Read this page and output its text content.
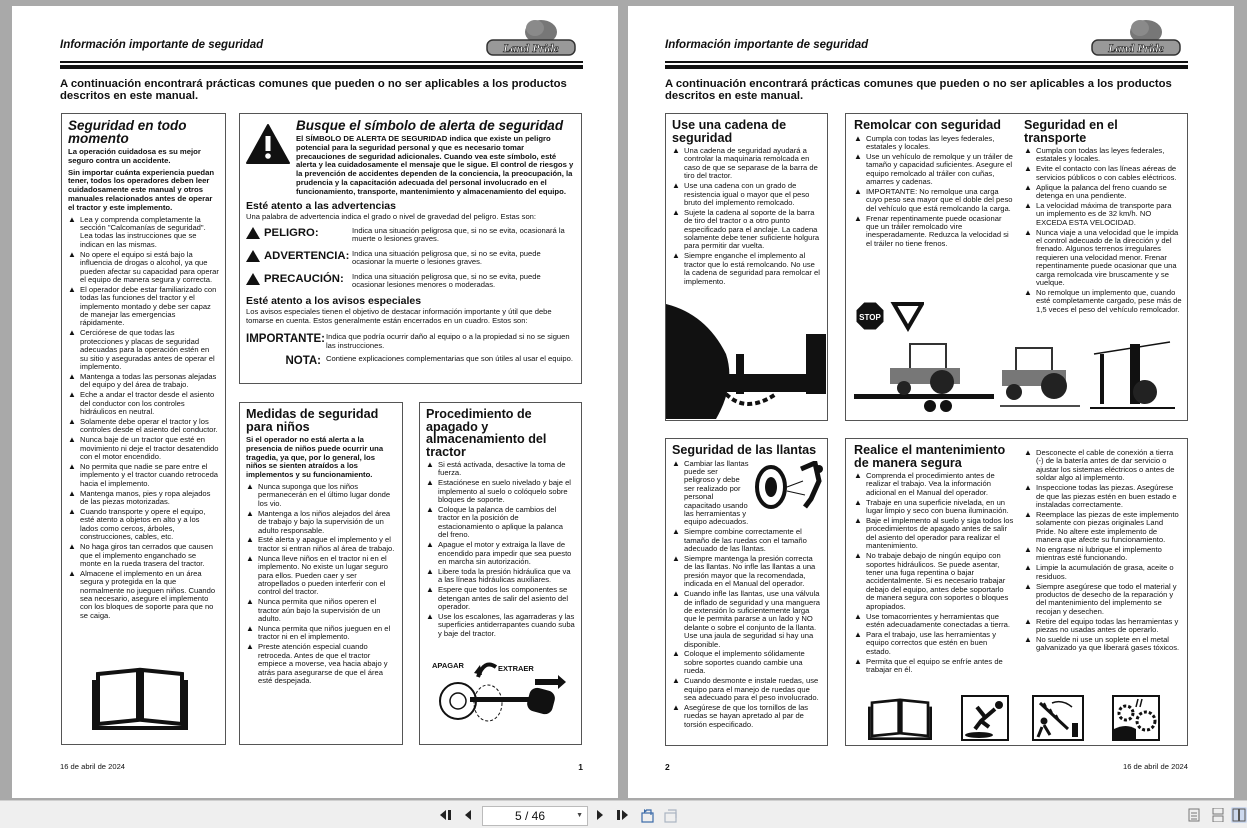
Información importante de seguridad	Land Pride
A continuación encontrará prácticas comunes que pueden o no ser aplicables a los productos descritos en este manual.
Seguridad en todo momento

La operación cuidadosa es su mejor seguro contra un accidente.

Sin importar cuánta experiencia puedan tener, todos los operadores deben leer cuidadosamente este manual y otros manuales relacionados antes de operar el tractor y este implemento.

▲ Lea y comprenda completamente la sección "Calcomanías de seguridad". Lea todas las instrucciones que se indican en las mismas.
▲ No opere el equipo si está bajo la influencia de drogas o alcohol, ya que pueden afectar su capacidad para operar el equipo de manera segura y correcta.
▲ El operador debe estar familiarizado con todas las funciones del tractor y el implemento montado y debe ser capaz de manejar las emergencias rápidamente.
▲ Cerciórese de que todas las protecciones y placas de seguridad adecuadas para la operación estén en su sitio y aseguradas antes de operar el implemento.
▲ Mantenga a todas las personas alejadas del equipo y del área de trabajo.
▲ Eche a andar el tractor desde el asiento del conductor con los controles hidráulicos en neutral.
▲ Solamente debe operar el tractor y los controles desde el asiento del conductor.
▲ Nunca baje de un tractor que esté en movimiento ni deje el tractor desatendido con el motor encendido.
▲ No permita que nadie se pare entre el implemento y el tractor cuando retroceda hacia el implemento.
▲ Mantenga manos, pies y ropa alejados de las piezas motorizadas.
▲ Cuando transporte y opere el equipo, esté atento a objetos en alto y a los lados como cercos, árboles, construcciones, cables, etc.
▲ No haga giros tan cerrados que causen que el implemento enganchado se monte en la rueda trasera del tractor.
▲ Almacene el implemento en un área segura y protegida en la que normalmente no jueguen niños. Cuando sea necesario, asegure el implemento con los bloques de soporte para que no se caiga.
Busque el símbolo de alerta de seguridad

El SÍMBOLO DE ALERTA DE SEGURIDAD indica que existe un peligro potencial para la seguridad personal y que es necesario tomar precauciones de seguridad adicionales. Cuando vea este símbolo, esté alerta y lea cuidadosamente el mensaje que le sigue. El control de riesgos y la prevención de accidentes dependen de la conciencia, la preocupación, la prudencia y la capacitación adecuada del personal involucrado en el funcionamiento, transporte, mantenimiento y almacenamiento del equipo.

Esté atento a las advertencias
Una palabra de advertencia indica el grado o nivel de gravedad del peligro. Estas son:
PELIGRO:	Indica una situación peligrosa que, si no se evita, ocasionará la muerte o lesiones graves.
ADVERTENCIA: Indica una situación peligrosa que, si no se evita, puede ocasionar la muerte o lesiones graves.
PRECAUCIÓN: Indica una situación peligrosa que, si no se evita, puede ocasionar lesiones menores o moderadas.
Esté atento a los avisos especiales
Los avisos especiales tienen el objetivo de destacar información importante y útil que debe tomarse en cuenta. Estos generalmente están encerrados en un cuadro. Estos son:
IMPORTANTE: Indica que podría ocurrir daño al equipo o a la propiedad si no se siguen las instrucciones.
NOTA: Contiene explicaciones complementarias que son útiles al usar el equipo.
Medidas de seguridad para niños

Si el operador no está alerta a la presencia de niños puede ocurrir una tragedia, ya que, por lo general, los niños se sienten atraídos a los implementos y su funcionamiento.

▲ Nunca suponga que los niños permanecerán en el último lugar donde los vio.
▲ Mantenga a los niños alejados del área de trabajo y bajo la supervisión de un adulto responsable.
▲ Esté alerta y apague el implemento y el tractor si entran niños al área de trabajo.
▲ Nunca lleve niños en el tractor ni en el implemento. No existe un lugar seguro para ellos. Pueden caer y ser atropellados o pueden interferir con el control del tractor.
▲ Nunca permita que niños operen el tractor aún bajo la supervisión de un adulto.
▲ Nunca permita que niños jueguen en el tractor ni en el implemento.
▲ Preste atención especial cuando retroceda. Antes de que el tractor empiece a moverse, vea hacia abajo y atrás para asegurarse de que el área esté despejada.
Procedimiento de apagado y almacenamiento del tractor
▲ Si está activada, desactive la toma de fuerza.
▲ Estaciónese en suelo nivelado y baje el implemento al suelo o colóquelo sobre bloques de soporte.
▲ Coloque la palanca de cambios del tractor en la posición de estacionamiento o aplique la palanca del freno.
▲ Apague el motor y extraiga la llave de encendido para impedir que sea puesto en marcha sin autorización.
▲ Libere toda la presión hidráulica que va a las líneas hidráulicas auxiliares.
▲ Espere que todos los componentes se detengan antes de salir del asiento del operador.
▲ Use los escalones, las agarraderas y las superficies antiderrapantes cuando suba y baje del tractor.
APAGAR	EXTRAER
16 de abril de 2024	1
Información importante de seguridad	Land Pride
A continuación encontrará prácticas comunes que pueden o no ser aplicables a los productos descritos en este manual.
Use una cadena de seguridad
▲ Una cadena de seguridad ayudará a controlar la maquinaria remolcada en caso de que se separase de la barra de tiro del tractor.
▲ Use una cadena con un grado de resistencia igual o mayor que el peso bruto del implemento remolcado.
▲ Sujete la cadena al soporte de la barra de tiro del tractor o a otro punto especificado para el anclaje. La cadena solamente debe tener suficiente holgura para permitir dar vuelta.
▲ Siempre enganche el implemento al tractor que lo está remolcando. No use la cadena de seguridad para remolcar el implemento.
Remolcar con seguridad
▲ Cumpla con todas las leyes federales, estatales y locales.
▲ Use un vehículo de remolque y un tráiler de tamaño y capacidad suficientes. Asegure el equipo remolcado al tráiler con cuñas, amarres y cadenas.
▲ IMPORTANTE: No remolque una carga cuyo peso sea mayor que el doble del peso del vehículo que está remolcando la carga.
▲ Frenar repentinamente puede ocasionar que un tráiler remolcado vire inesperadamente. Reduzca la velocidad si el tráiler no tiene frenos.
Seguridad en el transporte
▲ Cumpla con todas las leyes federales, estatales y locales.
▲ Evite el contacto con las líneas aéreas de servicios públicos o con cables eléctricos.
▲ Aplique la palanca del freno cuando se detenga en una pendiente.
▲ La velocidad máxima de transporte para un implemento es de 32 km/h. NO EXCEDA ESTA VELOCIDAD.
▲ Nunca viaje a una velocidad que le impida el control adecuado de la dirección y del frenado. Algunos terrenos irregulares requieren una velocidad menor. Frenar repentinamente puede ocasionar que una carga remolcada vire bruscamente y se vuelque.
▲ No remolque un implemento que, cuando esté completamente cargado, pese más de 1,5 veces el peso del vehículo remolcador.
STOP
Seguridad de las llantas
▲ Cambiar las llantas puede ser peligroso y debe ser realizado por personal capacitado usando las herramientas y equipo adecuados.
▲ Siempre combine correctamente el tamaño de las ruedas con el tamaño adecuado de las llantas.
▲ Siempre mantenga la presión correcta de las llantas. No infle las llantas a una presión mayor que la recomendada, indicada en el Manual del operador.
▲ Cuando infle las llantas, use una válvula de inflado de seguridad y una manguera de extensión lo suficientemente larga que le permita pararse a un lado y NO delante o sobre el conjunto de la llanta. Use una jaula de seguridad si hay una disponible.
▲ Coloque el implemento sólidamente sobre soportes cuando cambie una rueda.
▲ Cuando desmonte e instale ruedas, use equipo para el manejo de ruedas que sea adecuado para el peso involucrado.
▲ Asegúrese de que los tornillos de las ruedas se hayan apretado al par de torsión especificado.
Realice el mantenimiento de manera segura
▲ Comprenda el procedimiento antes de realizar el trabajo. Vea la información adicional en el Manual del operador.
▲ Trabaje en una superficie nivelada, en un lugar limpio y seco con buena iluminación.
▲ Baje el implemento al suelo y siga todos los procedimientos de apagado antes de salir del asiento del operador para realizar el mantenimiento.
▲ No trabaje debajo de ningún equipo con soportes hidráulicos. Se puede asentar, tener una fuga repentina o bajar accidentalmente. Si es necesario trabajar debajo del equipo, antes debe soportarlo de manera segura con soportes o bloques apropiados.
▲ Use tomacorrientes y herramientas que estén adecuadamente conectadas a tierra.
▲ Para el trabajo, use las herramientas y equipo correctos que estén en buen estado.
▲ Permita que el equipo se enfríe antes de trabajar en él.
▲ Desconecte el cable de conexión a tierra (-) de la batería antes de dar servicio o ajustar los sistemas eléctricos o antes de soldar algo al implemento.
▲ Inspeccione todas las piezas. Asegúrese de que las piezas estén en buen estado e instaladas correctamente.
▲ Reemplace las piezas de este implemento solamente con piezas originales Land Pride. No altere este implemento de manera que afecte su funcionamiento.
▲ No engrase ni lubrique el implemento mientras esté funcionando.
▲ Limpie la acumulación de grasa, aceite o residuos.
▲ Siempre asegúrese que todo el material y productos de desecho de la reparación y del mantenimiento del implemento se recojan y desechen.
▲ Retire del equipo todas las herramientas y piezas no usadas antes de operarlo.
▲ No suelde ni use un soplete en el metal galvanizado ya que liberará gases tóxicos.
2	16 de abril de 2024
5 / 46	▼
